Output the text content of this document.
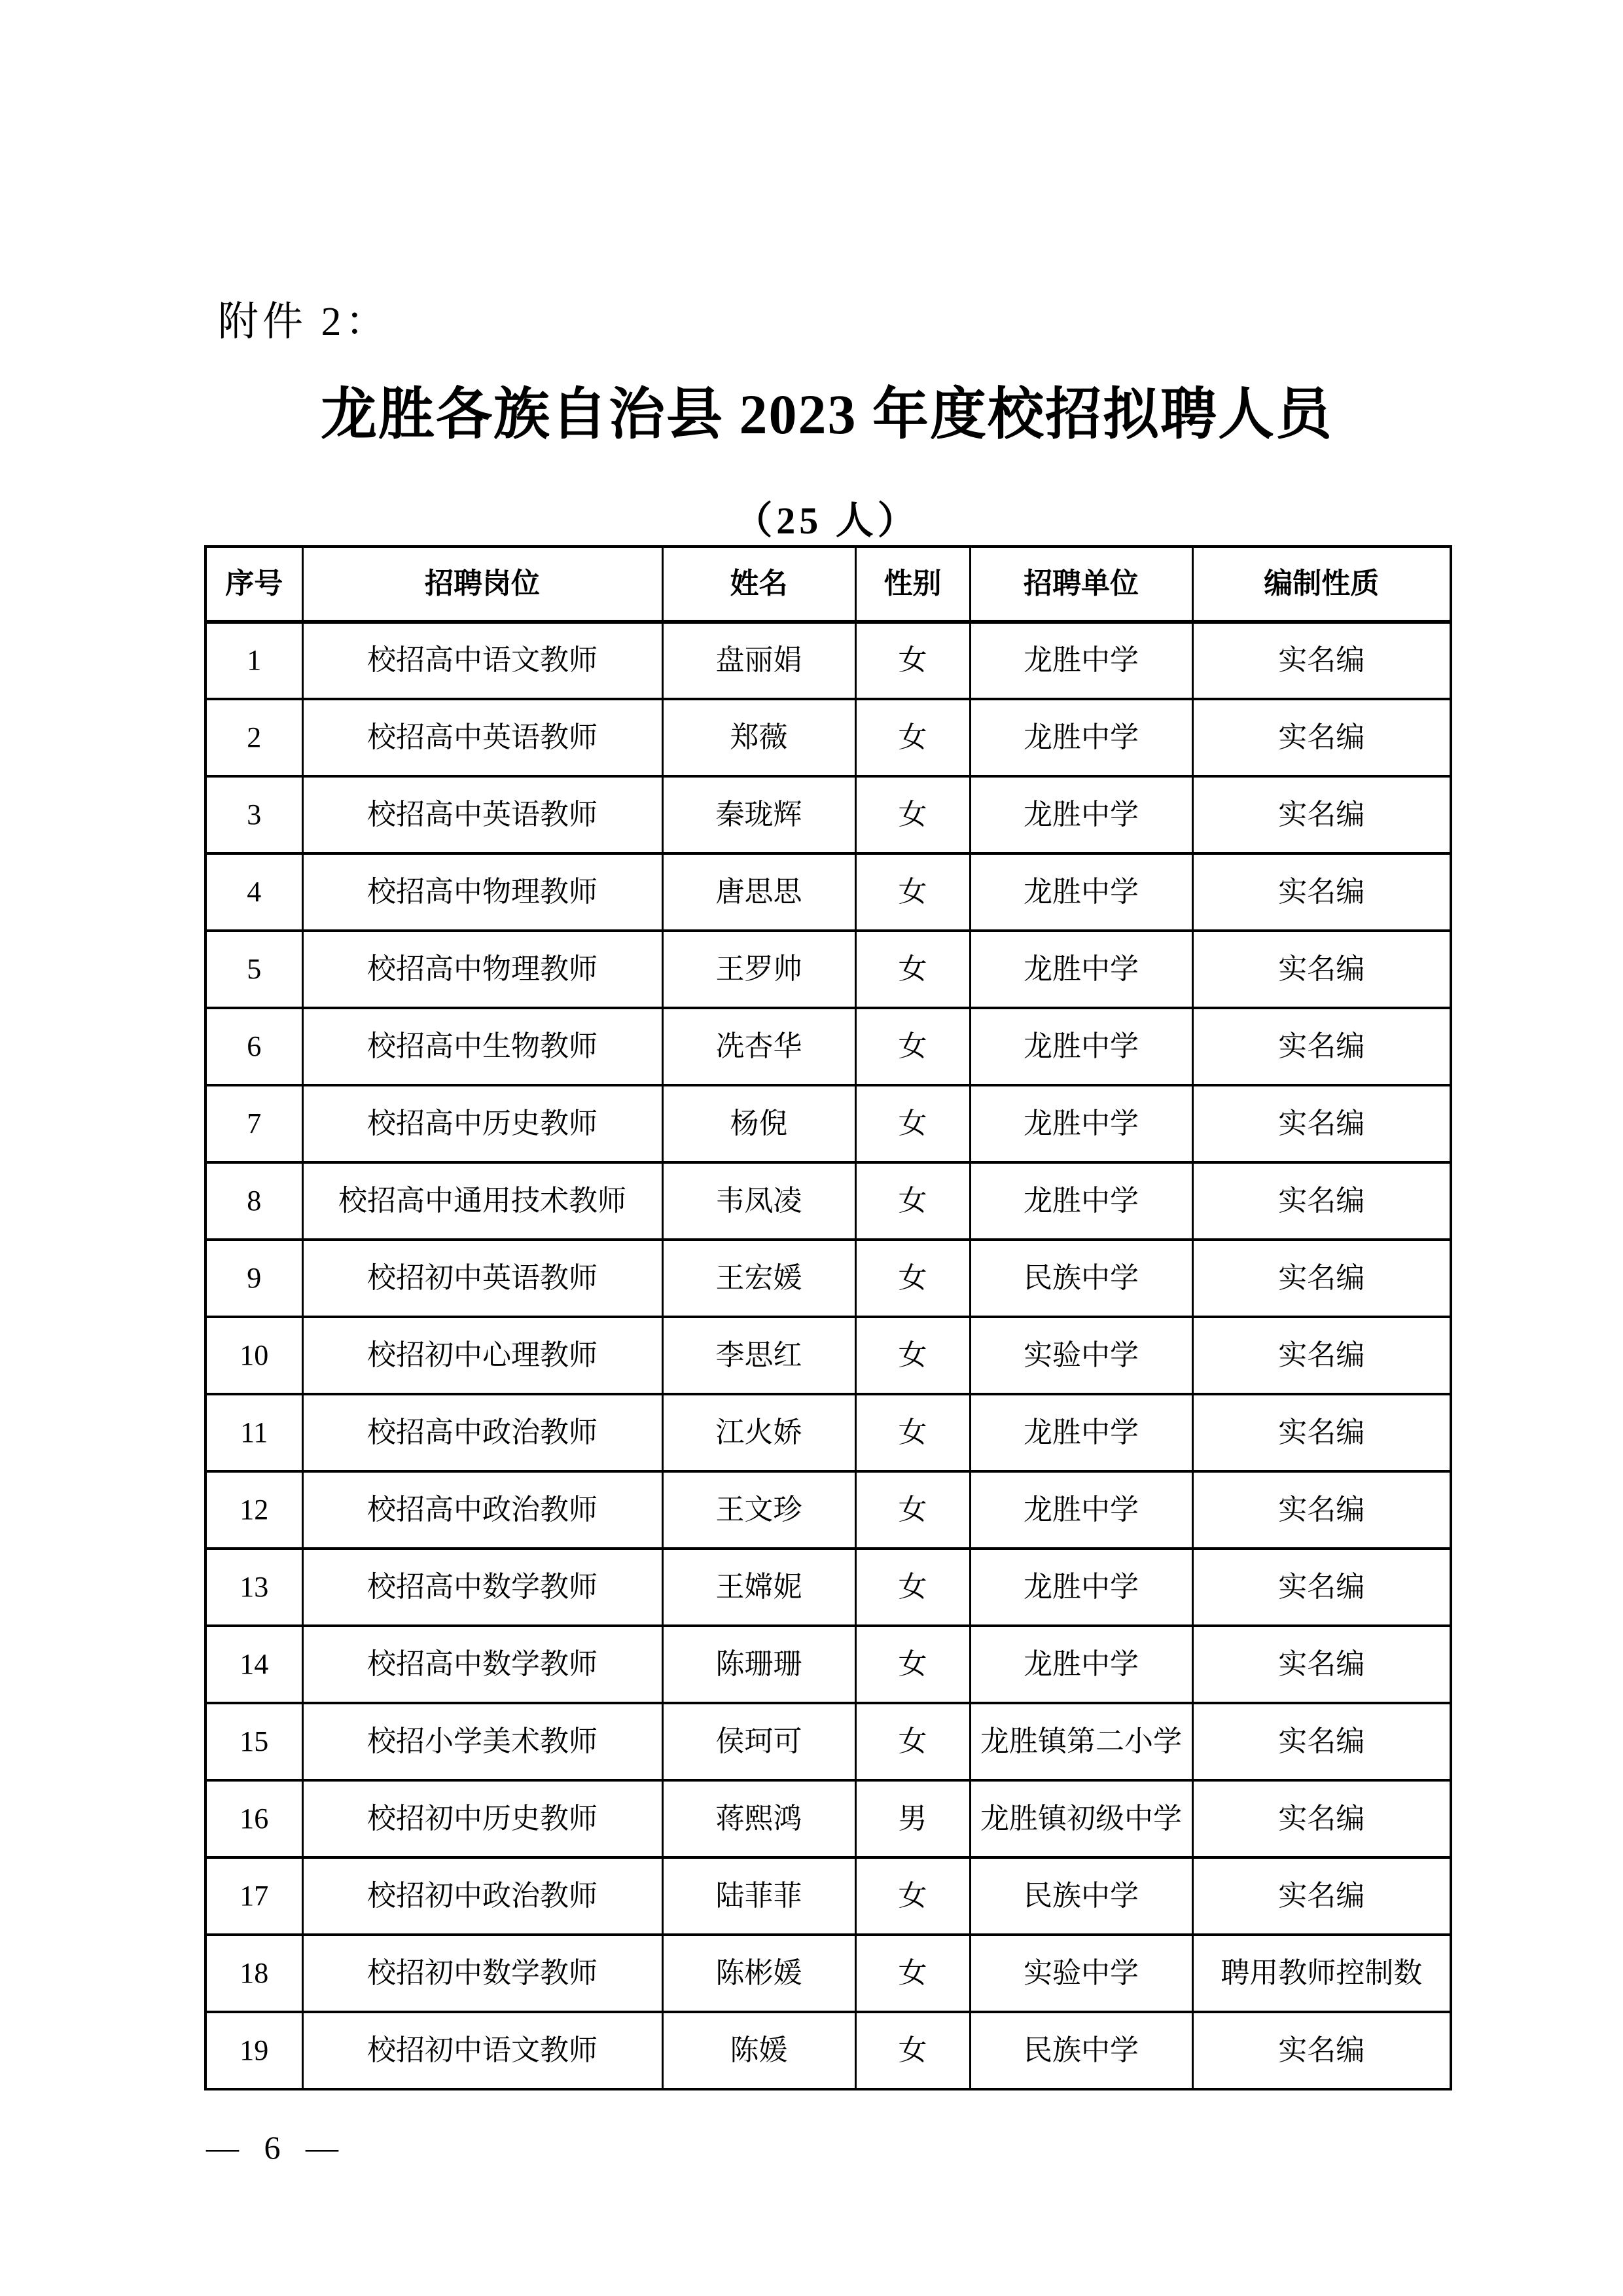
附件 2：
龙胜各族自治县 2023 年度校招拟聘人员
（25 人）
序号	招聘岗位	姓名	性别	招聘单位	编制性质
1	校招高中语文教师	盘丽娟	女	龙胜中学	实名编
2	校招高中英语教师	郑薇	女	龙胜中学	实名编
3	校招高中英语教师	秦珑辉	女	龙胜中学	实名编
4	校招高中物理教师	唐思思	女	龙胜中学	实名编
5	校招高中物理教师	王罗帅	女	龙胜中学	实名编
6	校招高中生物教师	冼杏华	女	龙胜中学	实名编
7	校招高中历史教师	杨倪	女	龙胜中学	实名编
8	校招高中通用技术教师	韦凤凌	女	龙胜中学	实名编
9	校招初中英语教师	王宏媛	女	民族中学	实名编
10	校招初中心理教师	李思红	女	实验中学	实名编
11	校招高中政治教师	江火娇	女	龙胜中学	实名编
12	校招高中政治教师	王文珍	女	龙胜中学	实名编
13	校招高中数学教师	王嫦妮	女	龙胜中学	实名编
14	校招高中数学教师	陈珊珊	女	龙胜中学	实名编
15	校招小学美术教师	侯珂可	女	龙胜镇第二小学	实名编
16	校招初中历史教师	蒋熙鸿	男	龙胜镇初级中学	实名编
17	校招初中政治教师	陆菲菲	女	民族中学	实名编
18	校招初中数学教师	陈彬媛	女	实验中学	聘用教师控制数
19	校招初中语文教师	陈媛	女	民族中学	实名编
— 6 —
